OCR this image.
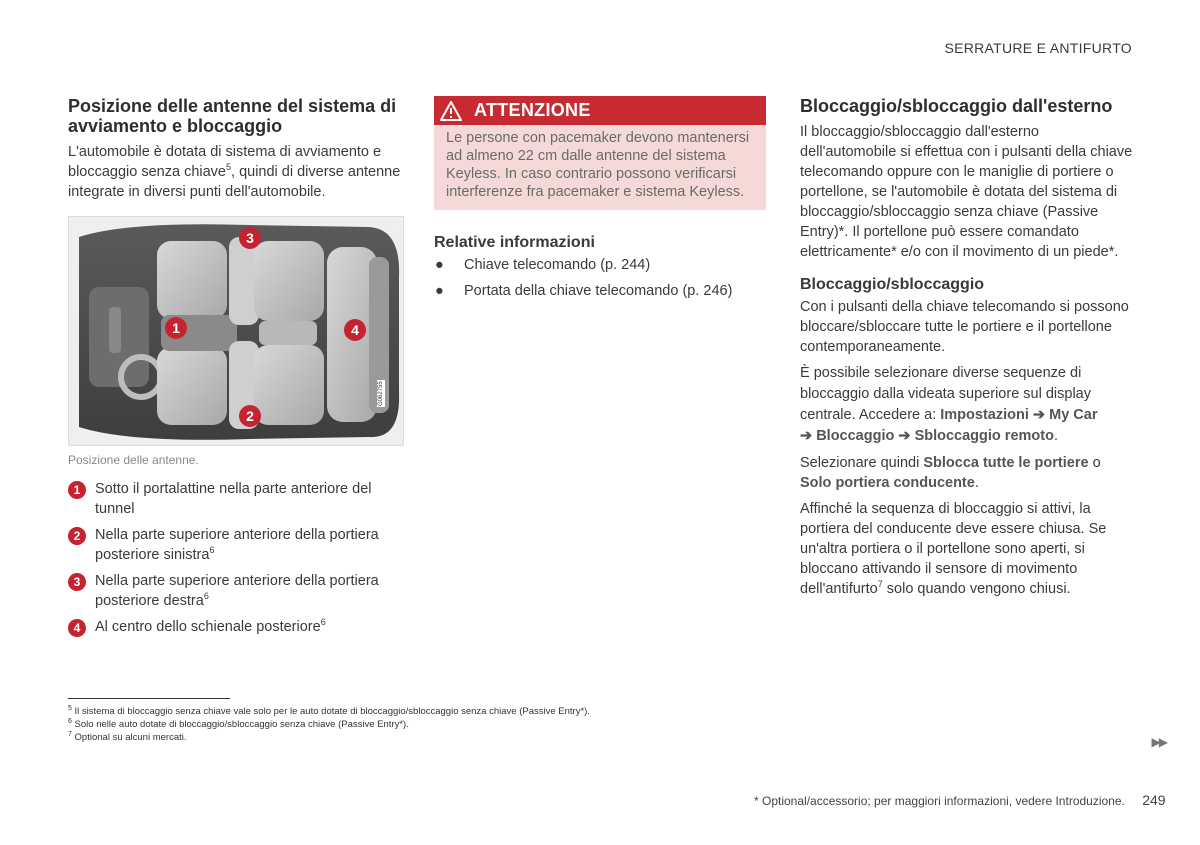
SERRATURE E ANTIFURTO
Posizione delle antenne del sistema di avviamento e bloccaggio

L'automobile è dotata di sistema di avviamento e bloccaggio senza chiave$^5$, quindi di diverse antenne integrate in diversi punti dell'automobile.

3
1	4
2
G062755
Posizione delle antenne.
1	Sotto il portalattine nella parte anteriore del tunnel
2	Nella parte superiore anteriore della portiera posteriore sinistra$^6$
3	Nella parte superiore anteriore della portiera posteriore destra$^6$
4	Al centro dello schienale posteriore$^6$
ATTENZIONE
Le persone con pacemaker devono mantenersi ad almeno 22 cm dalle antenne del sistema Keyless. In caso contrario possono verificarsi interferenze fra pacemaker e sistema Keyless.
Relative informazioni
●	Chiave telecomando (p. 244)
●	Portata della chiave telecomando (p. 246)
Bloccaggio/sbloccaggio dall'esterno

Il bloccaggio/sbloccaggio dall'esterno dell'automobile si effettua con i pulsanti della chiave telecomando oppure con le maniglie di portiere o portellone, se l'automobile è dotata del sistema di bloccaggio/sbloccaggio senza chiave (Passive Entry)*. Il portellone può essere comandato elettricamente* e/o con il movimento di un piede*.

Bloccaggio/sbloccaggio

Con i pulsanti della chiave telecomando si possono bloccare/sbloccare tutte le portiere e il portellone contemporaneamente.

È possibile selezionare diverse sequenze di bloccaggio dalla videata superiore sul display centrale. Accedere a: Impostazioni ➔ My Car
➔ Bloccaggio ➔ Sbloccaggio remoto.

Selezionare quindi Sblocca tutte le portiere o Solo portiera conducente.

Affinché la sequenza di bloccaggio si attivi, la portiera del conducente deve essere chiusa. Se un'altra portiera o il portellone sono aperti, si bloccano attivando il sensore di movimento dell'antifurto$^7$ solo quando vengono chiusi.

$^5$ Il sistema di bloccaggio senza chiave vale solo per le auto dotate di bloccaggio/sbloccaggio senza chiave (Passive Entry*).
$^6$ Solo nelle auto dotate di bloccaggio/sbloccaggio senza chiave (Passive Entry*).
$^7$ Optional su alcuni mercati.	▶▶
* Optional/accessorio; per maggiori informazioni, vedere Introduzione. 249
